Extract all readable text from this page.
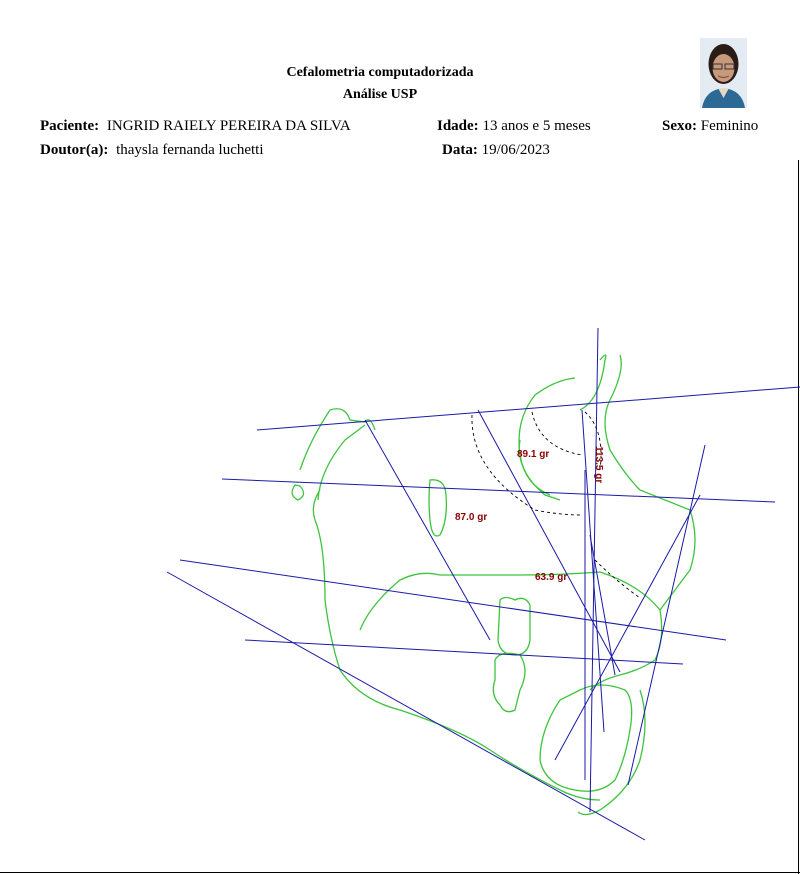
Cefalometria computadorizada
Análise USP
Paciente: INGRID RAIELY PEREIRA DA SILVA	Idade: 13 anos e 5 meses	Sexo: Feminino
Doutor(a): thaysla fernanda luchetti	Data: 19/06/2023
89.1 gr	113.5 gr
87.0 gr
63.9 gr
